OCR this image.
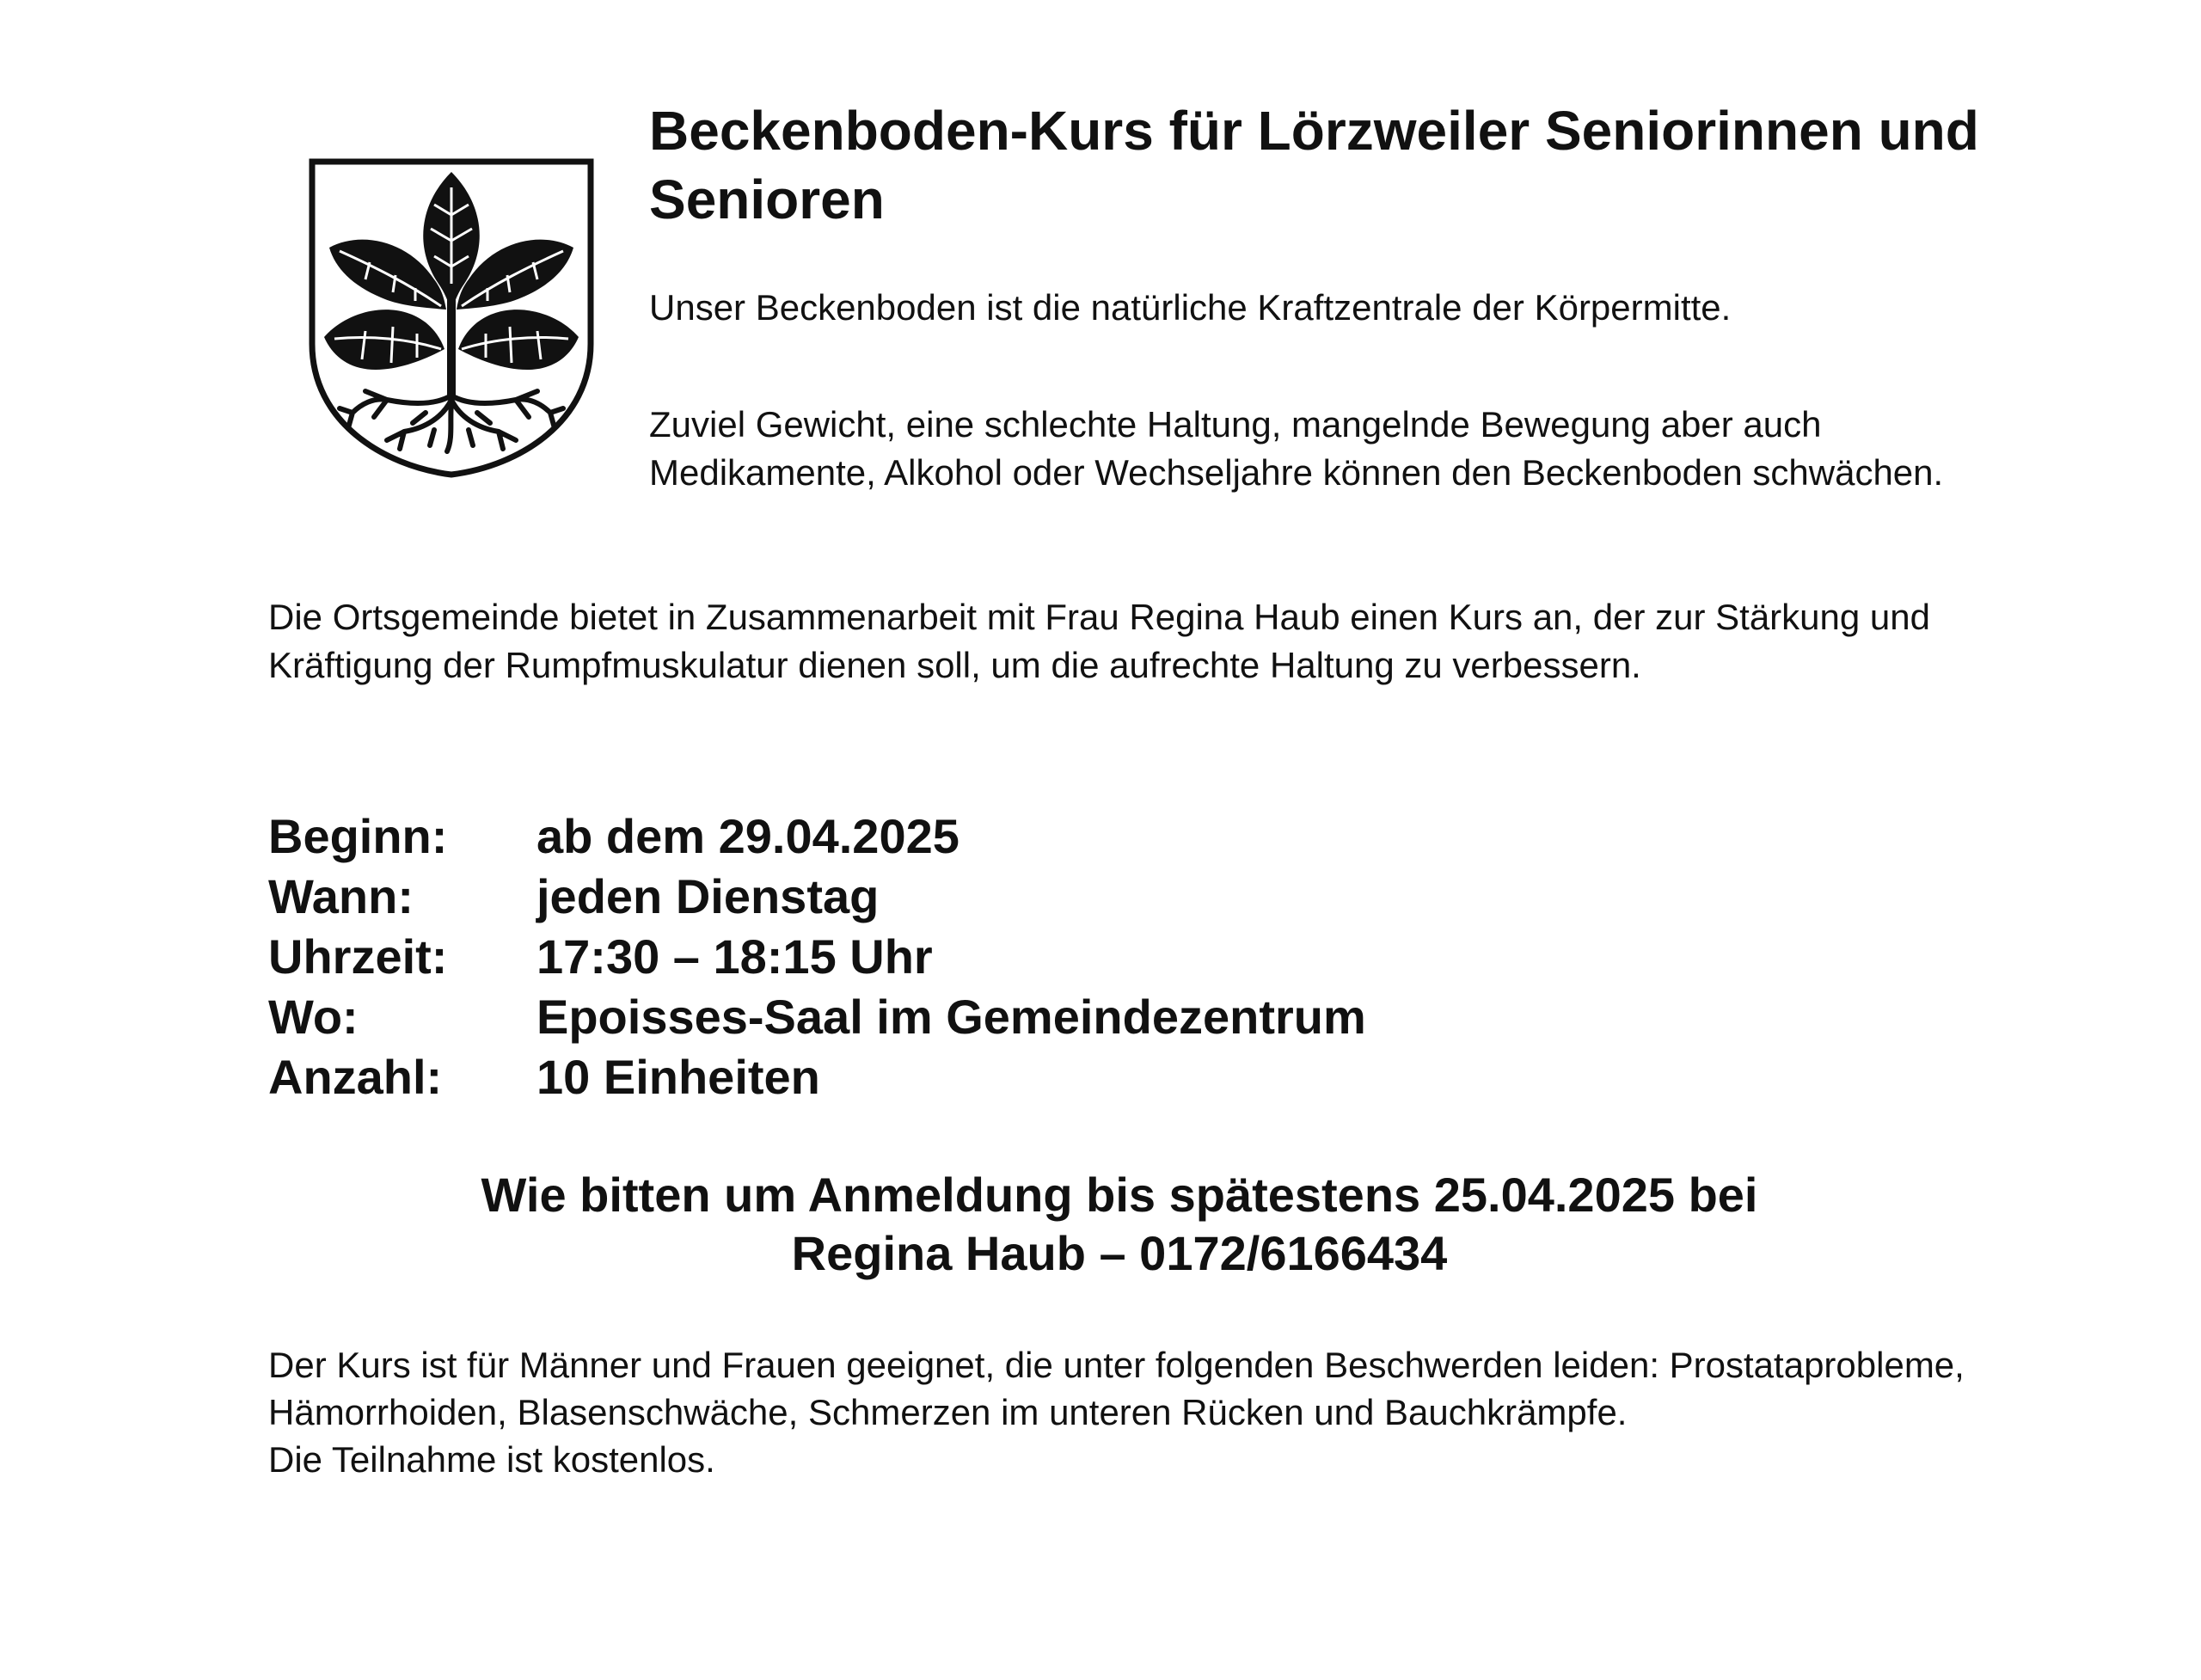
Beckenboden-Kurs für Lörzweiler Seniorinnen und Senioren

Unser Beckenboden ist die natürliche Kraftzentrale der Körpermitte.

Zuviel Gewicht, eine schlechte Haltung, mangelnde Bewegung aber auch Medikamente, Alkohol oder Wechseljahre können den Beckenboden schwächen.

Die Ortsgemeinde bietet in Zusammenarbeit mit Frau Regina Haub einen Kurs an, der zur Stärkung und Kräftigung der Rumpfmuskulatur dienen soll, um die aufrechte Haltung zu verbessern.

Beginn:	ab dem 29.04.2025
Wann:	jeden Dienstag
Uhrzeit:	17:30 – 18:15 Uhr
Wo:	Epoisses-Saal im Gemeindezentrum
Anzahl:	10 Einheiten

Wie bitten um Anmeldung bis spätestens 25.04.2025 bei
Regina Haub – 0172/6166434

Der Kurs ist für Männer und Frauen geeignet, die unter folgenden Beschwerden leiden: Prostataprobleme, Hämorrhoiden, Blasenschwäche, Schmerzen im unteren Rücken und Bauchkrämpfe.
Die Teilnahme ist kostenlos.
